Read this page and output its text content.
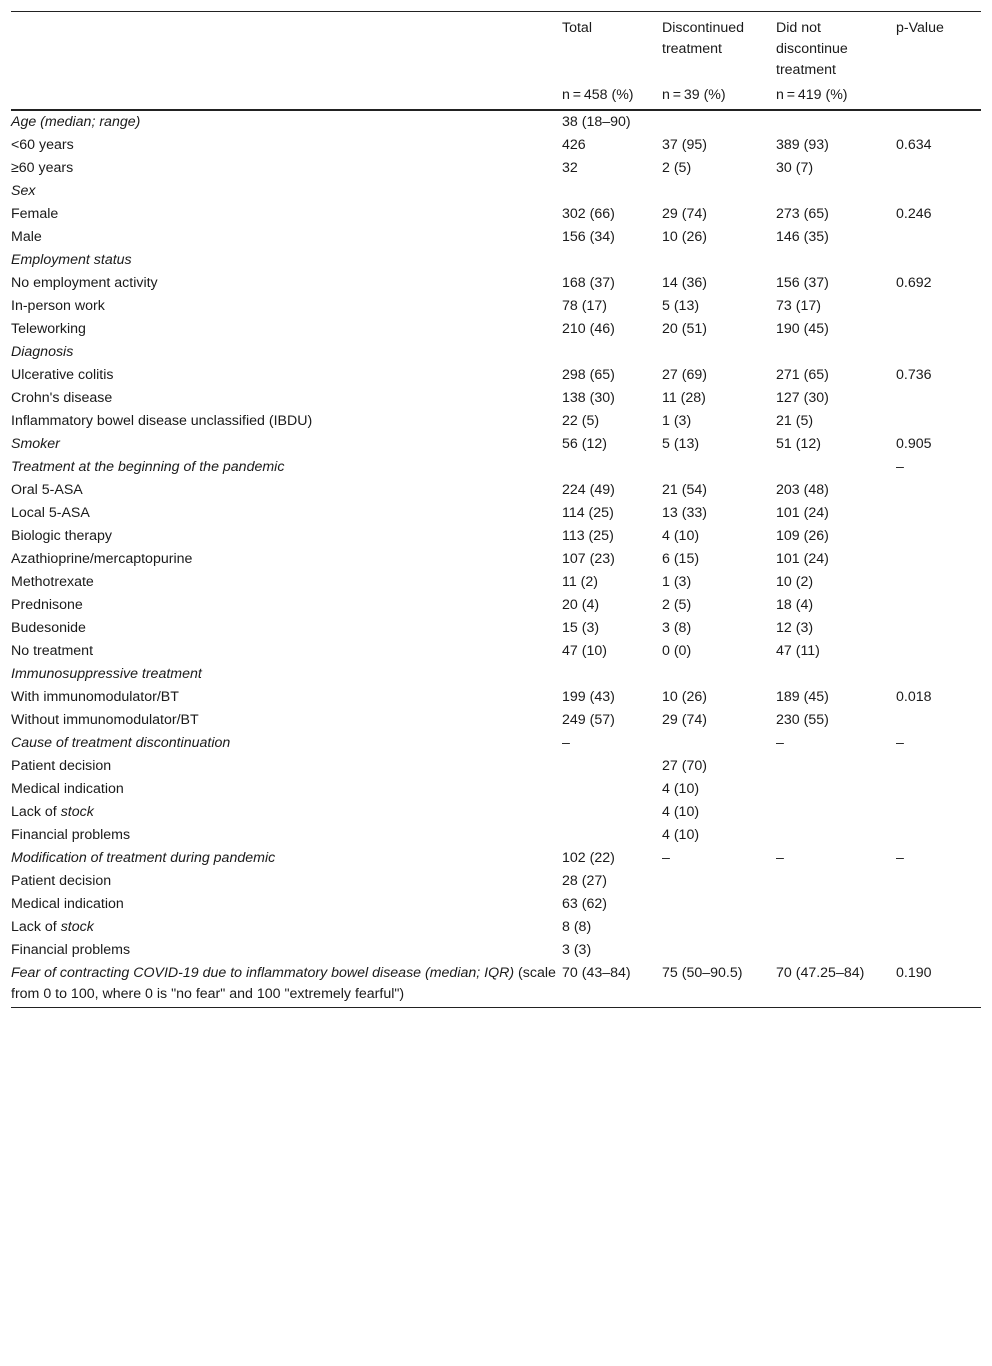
	Total	Discontinued treatment	Did not discontinue treatment	p-Value
	n = 458 (%)	n = 39 (%)	n = 419 (%)	
Age (median; range)	38 (18–90)			
<60 years	426	37 (95)	389 (93)	0.634
≥60 years	32	2 (5)	30 (7)	
Sex				
Female	302 (66)	29 (74)	273 (65)	0.246
Male	156 (34)	10 (26)	146 (35)	
Employment status				
No employment activity	168 (37)	14 (36)	156 (37)	0.692
In-person work	78 (17)	5 (13)	73 (17)	
Teleworking	210 (46)	20 (51)	190 (45)	
Diagnosis				
Ulcerative colitis	298 (65)	27 (69)	271 (65)	0.736
Crohn's disease	138 (30)	11 (28)	127 (30)	
Inflammatory bowel disease unclassified (IBDU)	22 (5)	1 (3)	21 (5)	
Smoker	56 (12)	5 (13)	51 (12)	0.905
Treatment at the beginning of the pandemic				–
Oral 5-ASA	224 (49)	21 (54)	203 (48)	
Local 5-ASA	114 (25)	13 (33)	101 (24)	
Biologic therapy	113 (25)	4 (10)	109 (26)	
Azathioprine/mercaptopurine	107 (23)	6 (15)	101 (24)	
Methotrexate	11 (2)	1 (3)	10 (2)	
Prednisone	20 (4)	2 (5)	18 (4)	
Budesonide	15 (3)	3 (8)	12 (3)	
No treatment	47 (10)	0 (0)	47 (11)	
Immunosuppressive treatment				
With immunomodulator/BT	199 (43)	10 (26)	189 (45)	0.018
Without immunomodulator/BT	249 (57)	29 (74)	230 (55)	
Cause of treatment discontinuation	–		–	–
Patient decision		27 (70)		
Medical indication		4 (10)		
Lack of stock		4 (10)		
Financial problems		4 (10)		
Modification of treatment during pandemic	102 (22)	–	–	–
Patient decision	28 (27)			
Medical indication	63 (62)			
Lack of stock	8 (8)			
Financial problems	3 (3)			
Fear of contracting COVID-19 due to inflammatory bowel disease (median; IQR) (scale from 0 to 100, where 0 is "no fear" and 100 "extremely fearful")	70 (43–84)	75 (50–90.5)	70 (47.25–84)	0.190
